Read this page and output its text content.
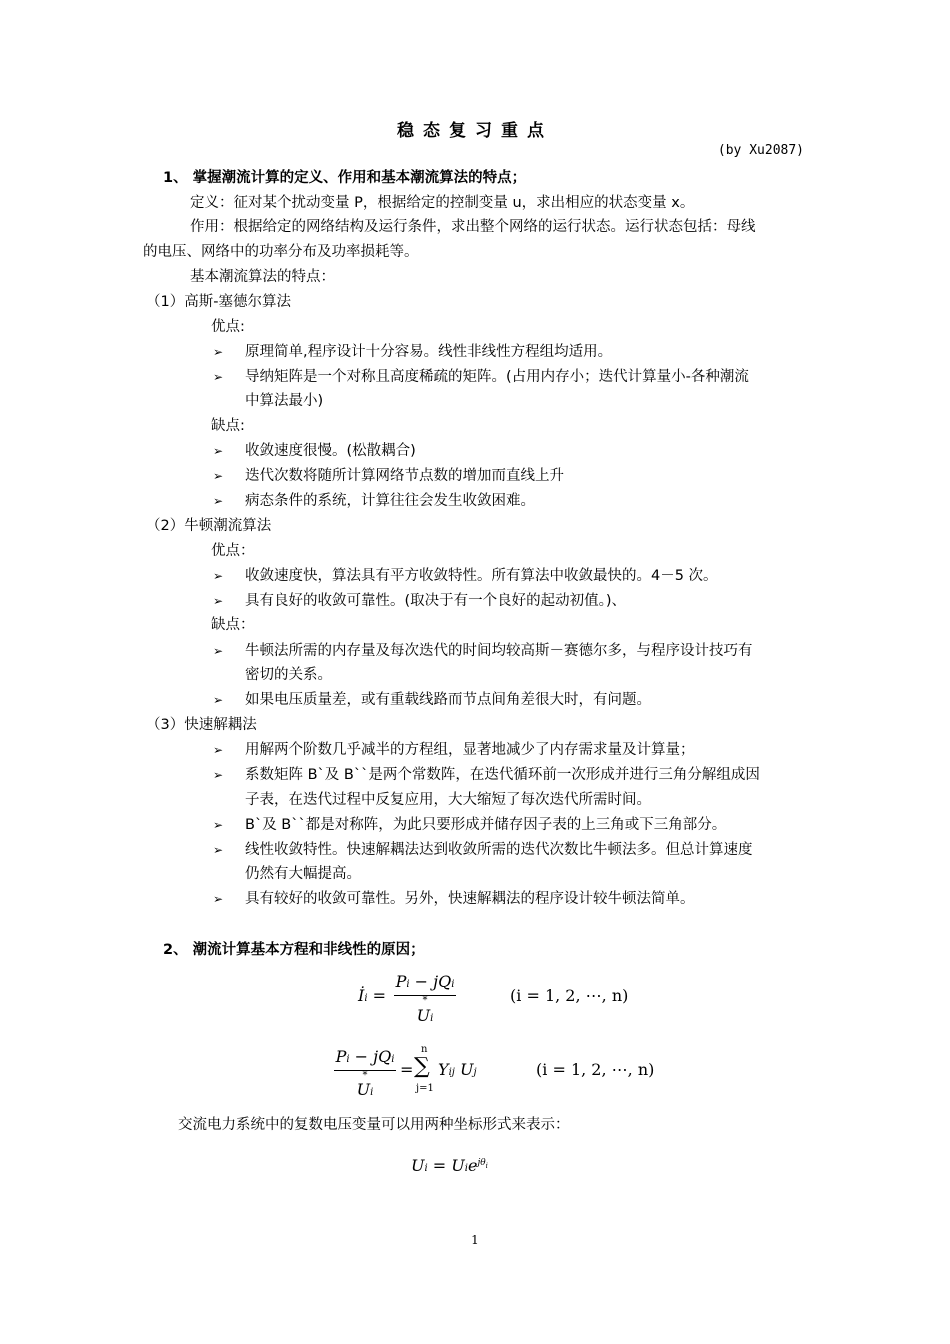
稳态复习重点
(by Xu2087)
1、 掌握潮流计算的定义、作用和基本潮流算法的特点；
定义：征对某个扰动变量 P，根据给定的控制变量 u，求出相应的状态变量 x。
作用：根据给定的网络结构及运行条件，求出整个网络的运行状态。运行状态包括：母线
的电压、网络中的功率分布及功率损耗等。
基本潮流算法的特点：
（1）高斯-塞德尔算法
优点:
➢ 原理简单,程序设计十分容易。线性非线性方程组均适用。
➢ 导纳矩阵是一个对称且高度稀疏的矩阵。(占用内存小；迭代计算量小-各种潮流
中算法最小)
缺点:
➢ 收敛速度很慢。(松散耦合)
➢ 迭代次数将随所计算网络节点数的增加而直线上升
➢ 病态条件的系统，计算往往会发生收敛困难。
（2）牛顿潮流算法
优点：
➢ 收敛速度快，算法具有平方收敛特性。所有算法中收敛最快的。4－5 次。
➢ 具有良好的收敛可靠性。(取决于有一个良好的起动初值。)、
缺点：
➢ 牛顿法所需的内存量及每次迭代的时间均较高斯－赛德尔多，与程序设计技巧有
密切的关系。
➢ 如果电压质量差，或有重载线路而节点间角差很大时，有问题。
（3）快速解耦法
➢ 用解两个阶数几乎减半的方程组，显著地减少了内存需求量及计算量；
➢ 系数矩阵 B`及 B``是两个常数阵，在迭代循环前一次形成并进行三角分解组成因
子表，在迭代过程中反复应用，大大缩短了每次迭代所需时间。
➢ B`及 B``都是对称阵，为此只要形成并储存因子表的上三角或下三角部分。
➢ 线性收敛特性。快速解耦法达到收敛所需的迭代次数比牛顿法多。但总计算速度
仍然有大幅提高。
➢ 具有较好的收敛可靠性。另外，快速解耦法的程序设计较牛顿法简单。
2、 潮流计算基本方程和非线性的原因；
İi =
Pi − jQi
*
Ui
(i = 1, 2, ⋯, n)
Pi − jQi
*
Ui
=
n
∑
j=1
Yij Uj	(i = 1, 2, ⋯, n)
交流电力系统中的复数电压变量可以用两种坐标形式来表示：
Ui = Uie$^{j\theta_i}$
1
